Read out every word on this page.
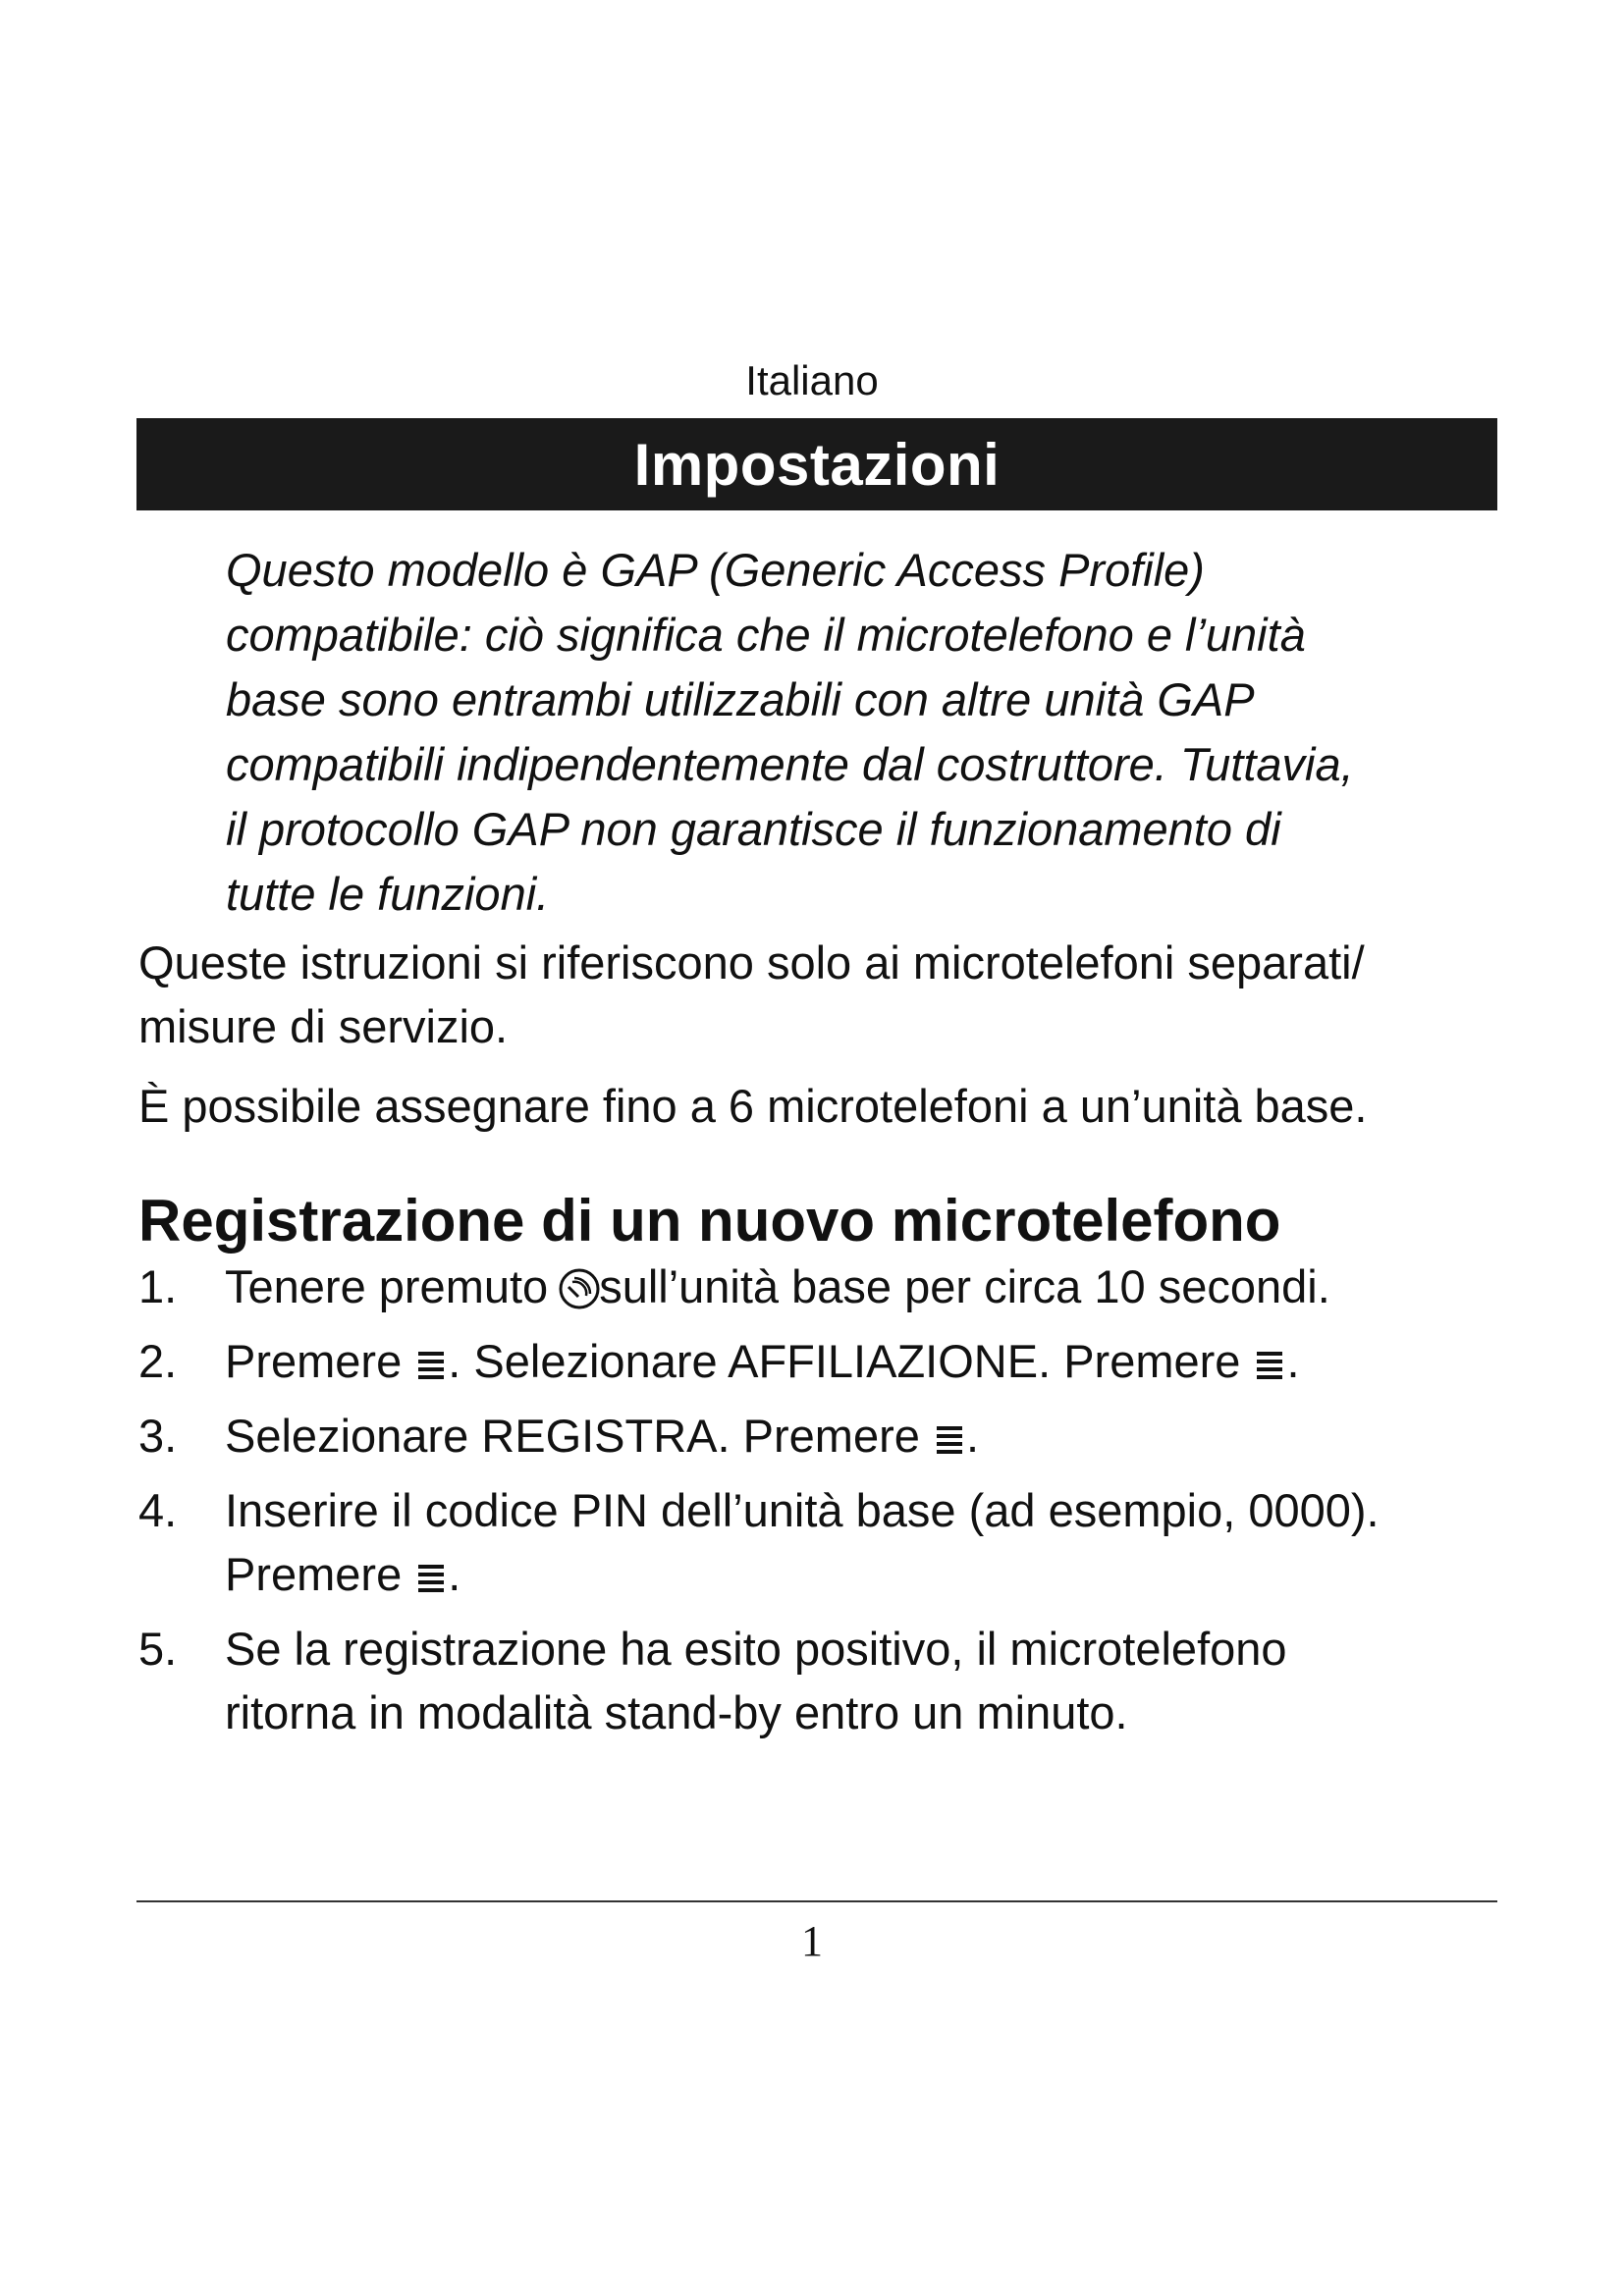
Italiano
Impostazioni
Questo modello è GAP (Generic Access Profile)
compatibile: ciò significa che il microtelefono e l’unità
base sono entrambi utilizzabili con altre unità GAP
compatibili indipendentemente dal costruttore. Tuttavia,
il protocollo GAP non garantisce il funzionamento di
tutte le funzioni.
Queste istruzioni si riferiscono solo ai microtelefoni separati/
misure di servizio.
È possibile assegnare fino a 6 microtelefoni a un’unità base.
Registrazione di un nuovo microtelefono
1. Tenere premuto sull’unità base per circa 10 secondi.
2. Premere . Selezionare AFFILIAZIONE. Premere .
3. Selezionare REGISTRA. Premere .
4. Inserire il codice PIN dell’unità base (ad esempio, 0000).
Premere .
5. Se la registrazione ha esito positivo, il microtelefono
ritorna in modalità stand-by entro un minuto.
1
